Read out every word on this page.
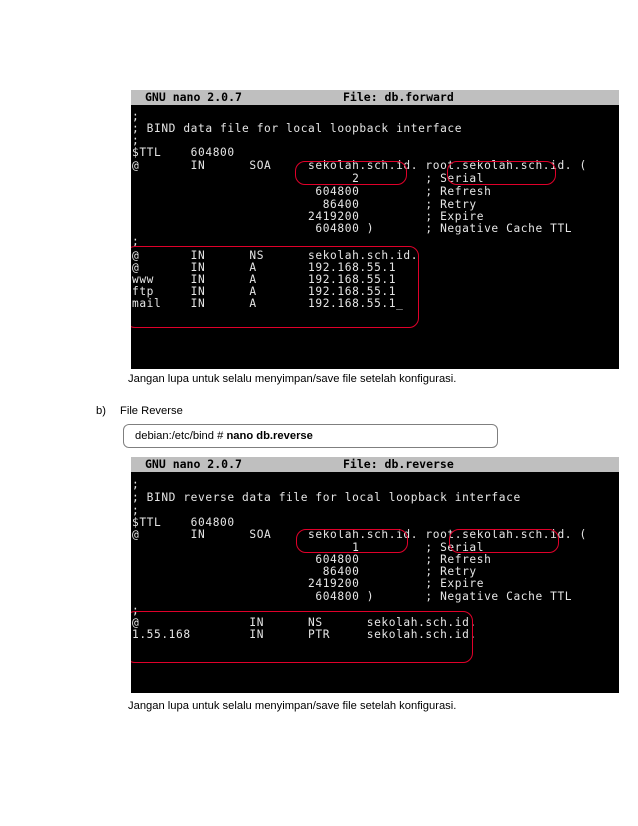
GNU nano 2.0.7	File: db.forward
;
; BIND data file for local loopback interface
;
$TTL    604800
@       IN      SOA     sekolah.sch.id. root.sekolah.sch.id. (
2         ; Serial
604800         ; Refresh
86400         ; Retry
2419200         ; Expire
604800 )       ; Negative Cache TTL
;
@       IN      NS      sekolah.sch.id.
@       IN      A       192.168.55.1
www     IN      A       192.168.55.1
ftp     IN      A       192.168.55.1
mail    IN      A       192.168.55.1_
Jangan lupa untuk selalu menyimpan/save file setelah konfigurasi.
b) File Reverse
debian:/etc/bind # nano db.reverse
GNU nano 2.0.7	File: db.reverse
;
; BIND reverse data file for local loopback interface
;
$TTL    604800
@       IN      SOA     sekolah.sch.id. root.sekolah.sch.id. (
1         ; Serial
604800         ; Refresh
86400         ; Retry
2419200         ; Expire
604800 )       ; Negative Cache TTL
;
@               IN      NS      sekolah.sch.id.
1.55.168        IN      PTR     sekolah.sch.id.
Jangan lupa untuk selalu menyimpan/save file setelah konfigurasi.
